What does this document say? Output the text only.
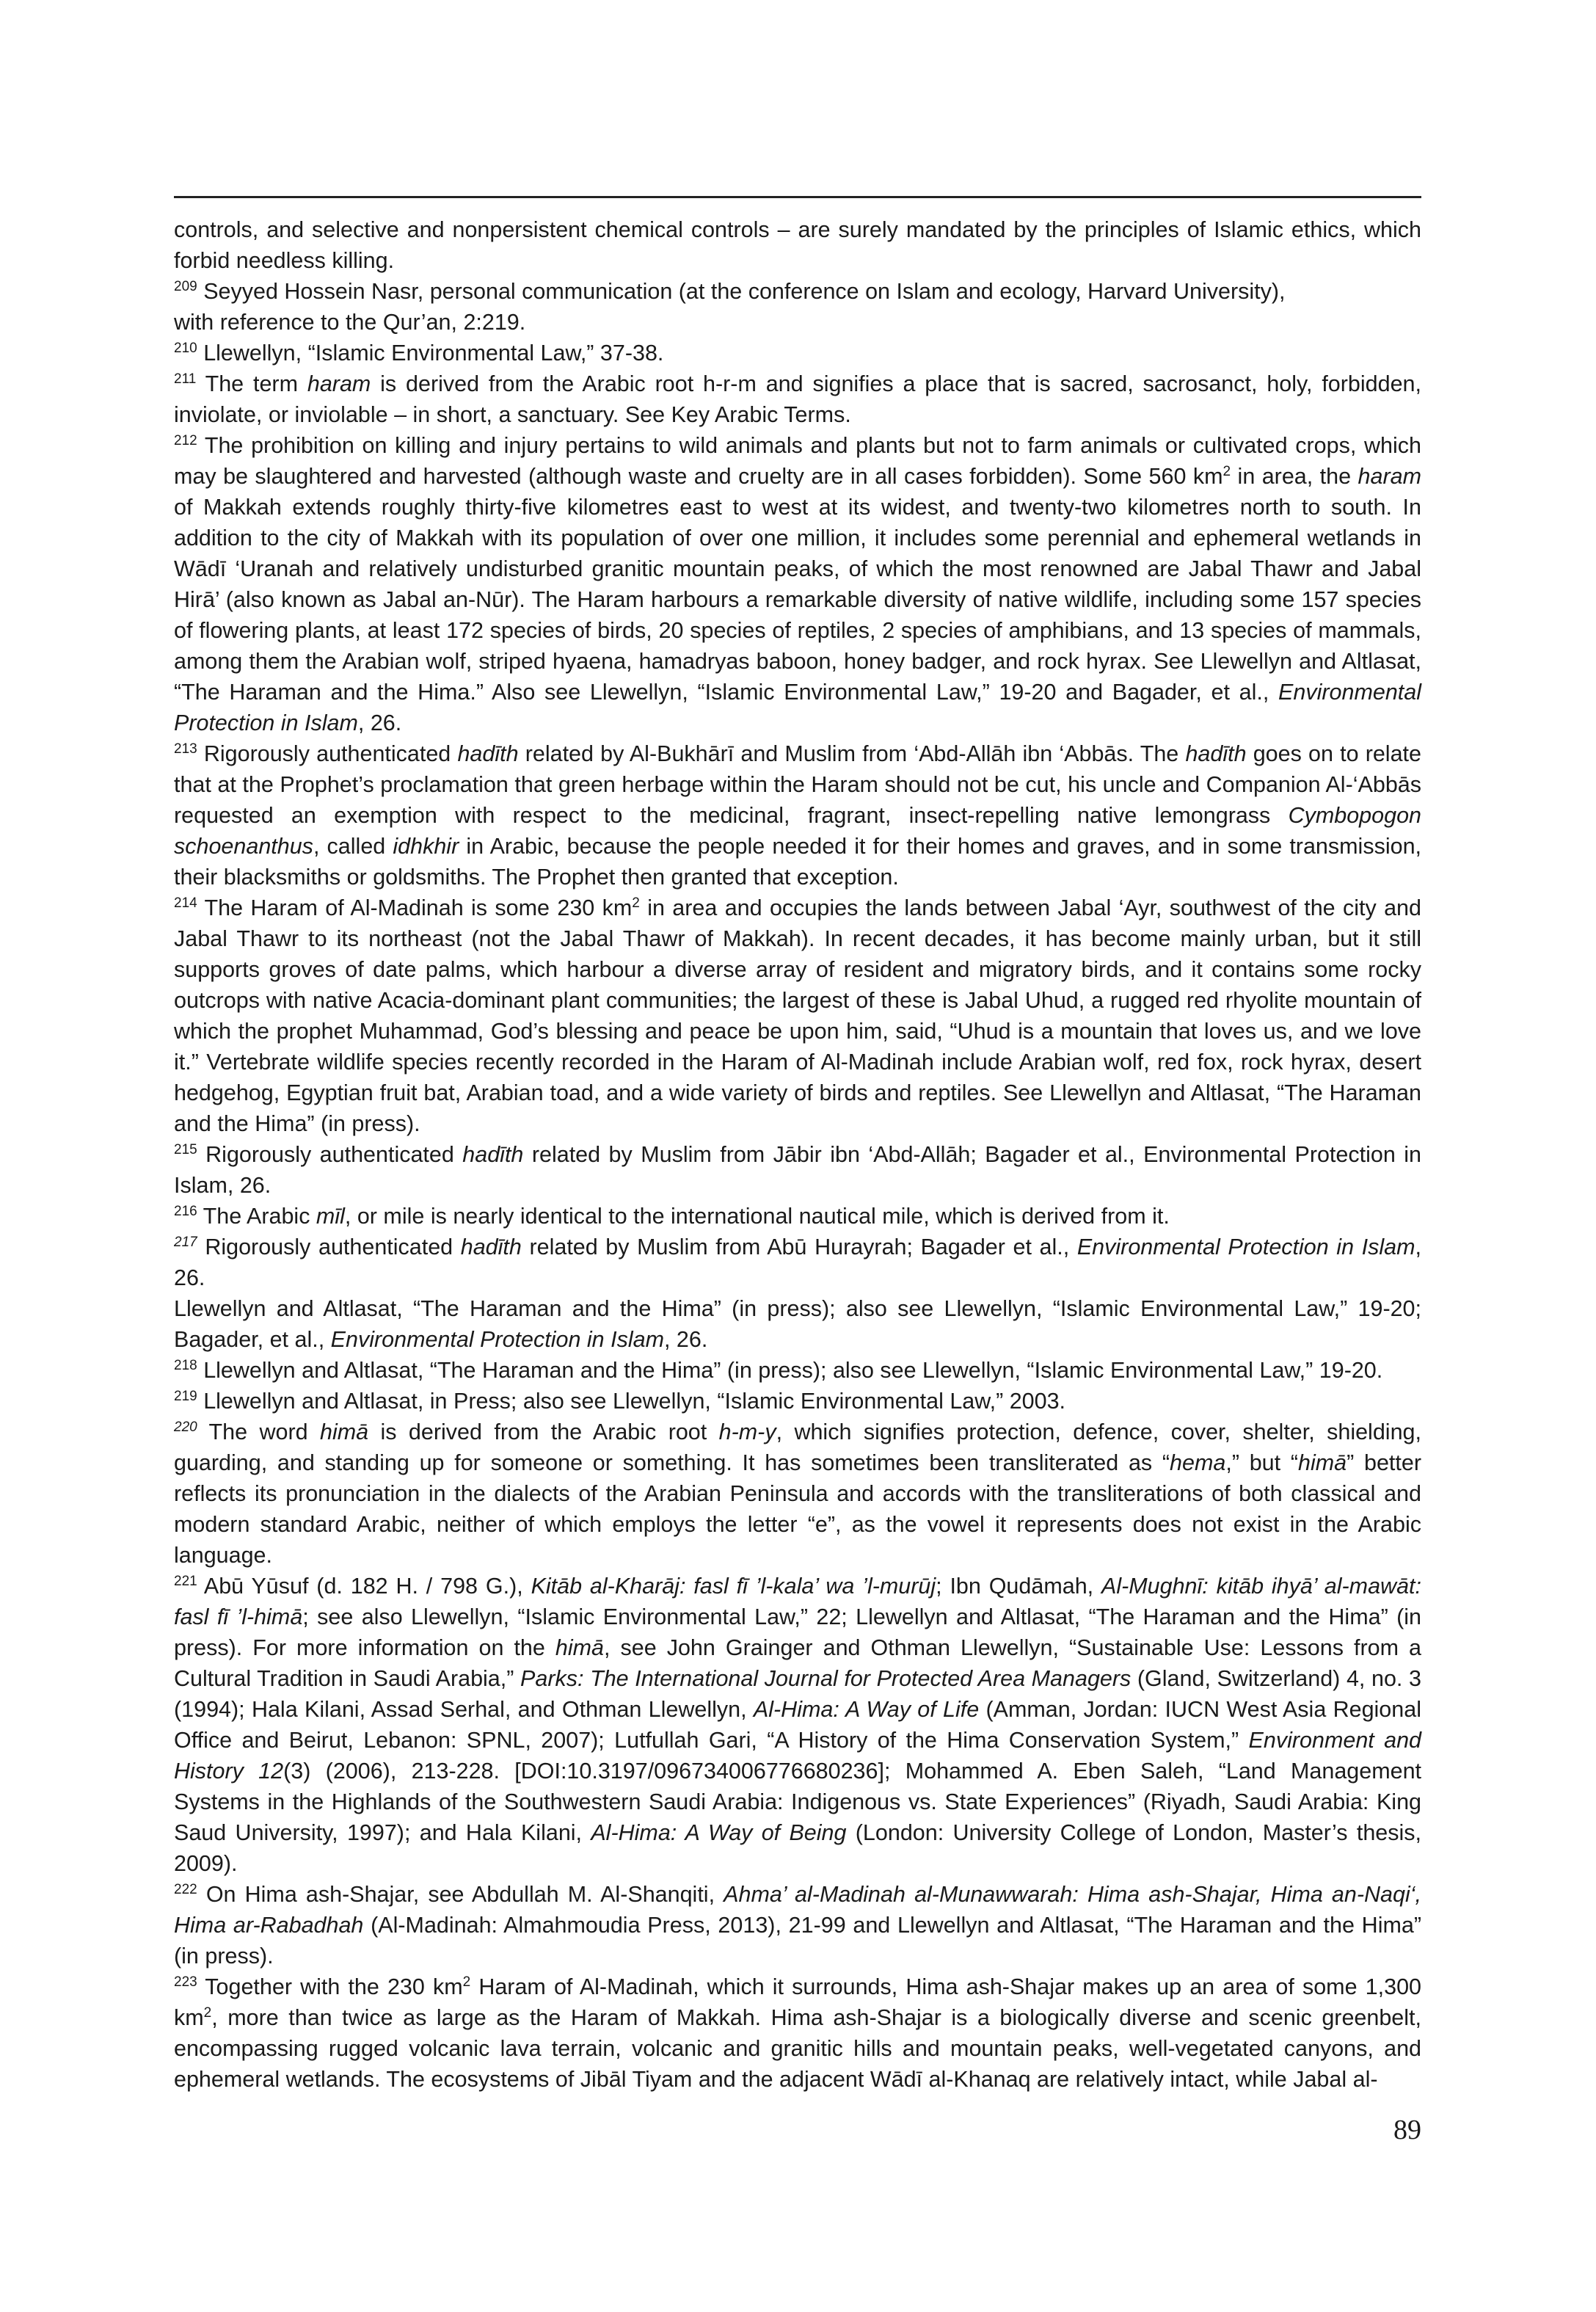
controls, and selective and nonpersistent chemical controls – are surely mandated by the principles of Islamic ethics, which forbid needless killing.

$^{209}$ Seyyed Hossein Nasr, personal communication (at the conference on Islam and ecology, Harvard University),
with reference to the Qur’an, 2:219.

$^{210}$ Llewellyn, “Islamic Environmental Law,” 37-38.

$^{211}$ The term haram is derived from the Arabic root h-r-m and signifies a place that is sacred, sacrosanct, holy, forbidden, inviolate, or inviolable – in short, a sanctuary. See Key Arabic Terms.

$^{212}$ The prohibition on killing and injury pertains to wild animals and plants but not to farm animals or cultivated crops, which may be slaughtered and harvested (although waste and cruelty are in all cases forbidden). Some 560 $km^2$ in area, the haram of Makkah extends roughly thirty-five kilometres east to west at its widest, and twenty-two kilometres north to south. In addition to the city of Makkah with its population of over one million, it includes some perennial and ephemeral wetlands in Wādī ‘Uranah and relatively undisturbed granitic mountain peaks, of which the most renowned are Jabal Thawr and Jabal Hirā’ (also known as Jabal an-Nūr). The Haram harbours a remarkable diversity of native wildlife, including some 157 species of flowering plants, at least 172 species of birds, 20 species of reptiles, 2 species of amphibians, and 13 species of mammals, among them the Arabian wolf, striped hyaena, hamadryas baboon, honey badger, and rock hyrax. See Llewellyn and Altlasat, “The Haraman and the Hima.” Also see Llewellyn, “Islamic Environmental Law,” 19-20 and Bagader, et al., Environmental Protection in Islam, 26.

$^{213}$ Rigorously authenticated hadīth related by Al-Bukhārī and Muslim from ‘Abd-Allāh ibn ‘Abbās. The hadīth goes on to relate that at the Prophet’s proclamation that green herbage within the Haram should not be cut, his uncle and Companion Al-‘Abbās requested an exemption with respect to the medicinal, fragrant, insect-repelling native lemongrass Cymbopogon schoenanthus, called idhkhir in Arabic, because the people needed it for their homes and graves, and in some transmission, their blacksmiths or goldsmiths. The Prophet then granted that exception.

$^{214}$ The Haram of Al-Madinah is some 230 $km^2$ in area and occupies the lands between Jabal ‘Ayr, southwest of the city and Jabal Thawr to its northeast (not the Jabal Thawr of Makkah). In recent decades, it has become mainly urban, but it still supports groves of date palms, which harbour a diverse array of resident and migratory birds, and it contains some rocky outcrops with native Acacia-dominant plant communities; the largest of these is Jabal Uhud, a rugged red rhyolite mountain of which the prophet Muhammad, God’s blessing and peace be upon him, said, “Uhud is a mountain that loves us, and we love it.” Vertebrate wildlife species recently recorded in the Haram of Al-Madinah include Arabian wolf, red fox, rock hyrax, desert hedgehog, Egyptian fruit bat, Arabian toad, and a wide variety of birds and reptiles. See Llewellyn and Altlasat, “The Haraman and the Hima” (in press).

$^{215}$ Rigorously authenticated hadīth related by Muslim from Jābir ibn ‘Abd-Allāh; Bagader et al., Environmental Protection in Islam, 26.

$^{216}$ The Arabic mīl, or mile is nearly identical to the international nautical mile, which is derived from it.

$^{217}$ Rigorously authenticated hadīth related by Muslim from Abū Hurayrah; Bagader et al., Environmental Protection in Islam, 26.

Llewellyn and Altlasat, “The Haraman and the Hima” (in press); also see Llewellyn, “Islamic Environmental Law,” 19-20; Bagader, et al., Environmental Protection in Islam, 26.

$^{218}$ Llewellyn and Altlasat, “The Haraman and the Hima” (in press); also see Llewellyn, “Islamic Environmental Law,” 19-20.

$^{219}$ Llewellyn and Altlasat, in Press; also see Llewellyn, “Islamic Environmental Law,” 2003.

$^{220}$ The word himā is derived from the Arabic root h-m-y, which signifies protection, defence, cover, shelter, shielding, guarding, and standing up for someone or something. It has sometimes been transliterated as “hema,” but “himā” better reflects its pronunciation in the dialects of the Arabian Peninsula and accords with the transliterations of both classical and modern standard Arabic, neither of which employs the letter “e”, as the vowel it represents does not exist in the Arabic language.

$^{221}$ Abū Yūsuf (d. 182 H. / 798 G.), Kitāb al-Kharāj: fasl fī ’l-kala’ wa ’l-murūj; Ibn Qudāmah, Al-Mughnī: kitāb ihyā’ al-mawāt: fasl fī ’l-himā; see also Llewellyn, “Islamic Environmental Law,” 22; Llewellyn and Altlasat, “The Haraman and the Hima” (in press). For more information on the himā, see John Grainger and Othman Llewellyn, “Sustainable Use: Lessons from a Cultural Tradition in Saudi Arabia,” Parks: The International Journal for Protected Area Managers (Gland, Switzerland) 4, no. 3 (1994); Hala Kilani, Assad Serhal, and Othman Llewellyn, Al-Hima: A Way of Life (Amman, Jordan: IUCN West Asia Regional Office and Beirut, Lebanon: SPNL, 2007); Lutfullah Gari, “A History of the Hima Conservation System,” Environment and History 12(3) (2006), 213-228. [DOI:10.3197/096734006776680236]; Mohammed A. Eben Saleh, “Land Management Systems in the Highlands of the Southwestern Saudi Arabia: Indigenous vs. State Experiences” (Riyadh, Saudi Arabia: King Saud University, 1997); and Hala Kilani, Al-Hima: A Way of Being (London: University College of London, Master’s thesis, 2009).

$^{222}$ On Hima ash-Shajar, see Abdullah M. Al-Shanqiti, Ahma’ al-Madinah al-Munawwarah: Hima ash-Shajar, Hima an-Naqi‘, Hima ar-Rabadhah (Al-Madinah: Almahmoudia Press, 2013), 21-99 and Llewellyn and Altlasat, “The Haraman and the Hima” (in press).

$^{223}$ Together with the 230 $km^2$ Haram of Al-Madinah, which it surrounds, Hima ash-Shajar makes up an area of some 1,300 $km^2$, more than twice as large as the Haram of Makkah. Hima ash-Shajar is a biologically diverse and scenic greenbelt, encompassing rugged volcanic lava terrain, volcanic and granitic hills and mountain peaks, well-vegetated canyons, and ephemeral wetlands. The ecosystems of Jibāl Tiyam and the adjacent Wādī al-Khanaq are relatively intact, while Jabal al-

89
